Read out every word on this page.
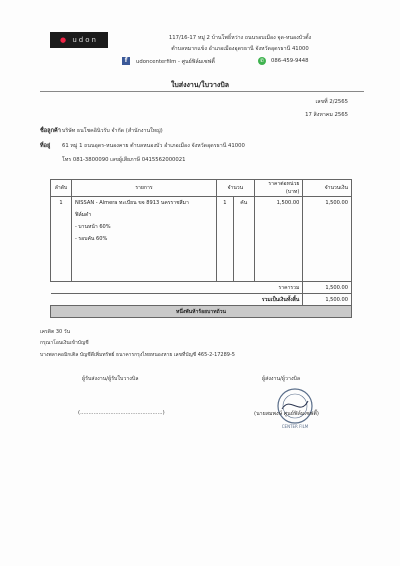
● udon	117/16-17 หมู่ 2 บ้านโพธิ์หว่าง ถนนรอบเมือง จุด-หนองบัวตั้ง
ตำบลหมากแข้ง อำเภอเมืองอุดรธานี จังหวัดอุดรธานี 41000
f	udoncenterfilm - ศูนย์ฟิล์มเซฟตี้	✆	086-459-9448
ใบส่งงาน/ใบวางบิล
เลขที่ 2/2565
17 สิงหาคม 2565
ชื่อลูกค้า บริษัท ธนโชคอินิวรับ จำกัด (สำนักงานใหญ่)
ที่อยู่ 61 หมู่ 1 ถนนอุดร-หนองคาย ตำบลหนองบัว อำเภอเมือง จังหวัดอุดรธานี 41000
โทร 081-3800090 เลขผู้เสียภาษี 0415562000021
ลำดับ	รายการ	จำนวน		ราคาต่อหน่วย (บาท)	จำนวนเงิน
1	NISSAN - Almera ทะเบียน ขจ 8913 นครราชสีมา	1	คัน	1,500.00	1,500.00
	ฟิล์มดำ				
	- บานหน้า 60%				
	- รอบคัน 60%				

ราคารวม					1,500.00
รวมเป็นเงินทั้งสิ้น					1,500.00
หนึ่งพันห้าร้อยบาทถ้วน					
เครดิต 30 วัน
กรุณาโอนเงินเข้าบัญชี
บางพลาคอมิกเติล บัญชีดีเพิ่มทรัพย์ ธนาคารกรุงไทยหนองหาย เลขที่บัญชี 465-2-17289-5
ผู้รับส่งงาน/ผู้รับใบวางบิล
(.................................................)
ผู้ส่งงาน/ผู้วางบิล
CENTER FILM
(นายสมพงษ์ ศูนย์ฟิล์มเซฟตี้)
